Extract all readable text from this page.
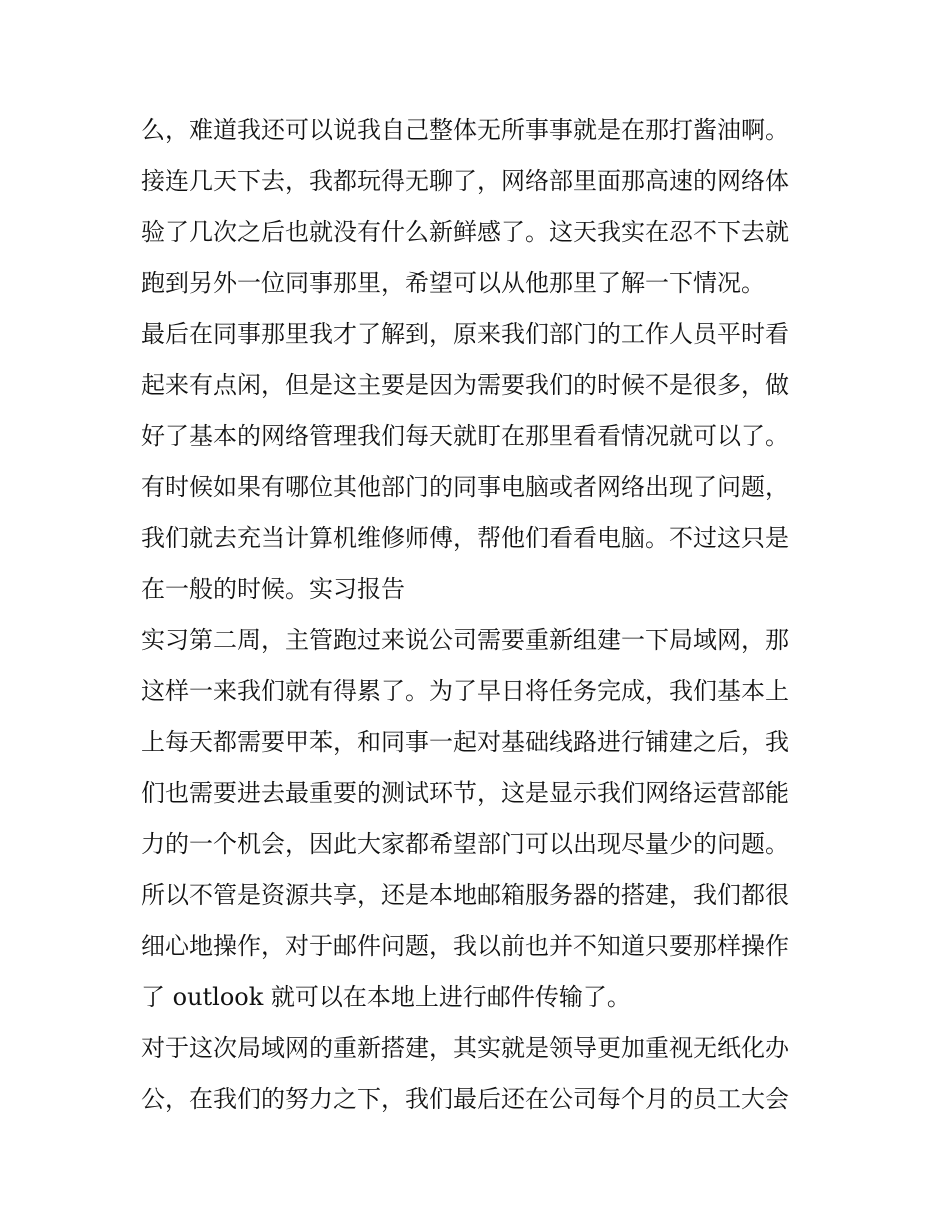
么，难道我还可以说我自己整体无所事事就是在那打酱油啊。
接连几天下去，我都玩得无聊了，网络部里面那高速的网络体
验了几次之后也就没有什么新鲜感了。这天我实在忍不下去就
跑到另外一位同事那里，希望可以从他那里了解一下情况。
最后在同事那里我才了解到，原来我们部门的工作人员平时看
起来有点闲，但是这主要是因为需要我们的时候不是很多，做
好了基本的网络管理我们每天就盯在那里看看情况就可以了。
有时候如果有哪位其他部门的同事电脑或者网络出现了问题，
我们就去充当计算机维修师傅，帮他们看看电脑。不过这只是
在一般的时候。实习报告
实习第二周，主管跑过来说公司需要重新组建一下局域网，那
这样一来我们就有得累了。为了早日将任务完成，我们基本上
上每天都需要甲苯，和同事一起对基础线路进行铺建之后，我
们也需要进去最重要的测试环节，这是显示我们网络运营部能
力的一个机会，因此大家都希望部门可以出现尽量少的问题。
所以不管是资源共享，还是本地邮箱服务器的搭建，我们都很
细心地操作，对于邮件问题，我以前也并不知道只要那样操作
了 outlook 就可以在本地上进行邮件传输了。
对于这次局域网的重新搭建，其实就是领导更加重视无纸化办
公，在我们的努力之下，我们最后还在公司每个月的员工大会
